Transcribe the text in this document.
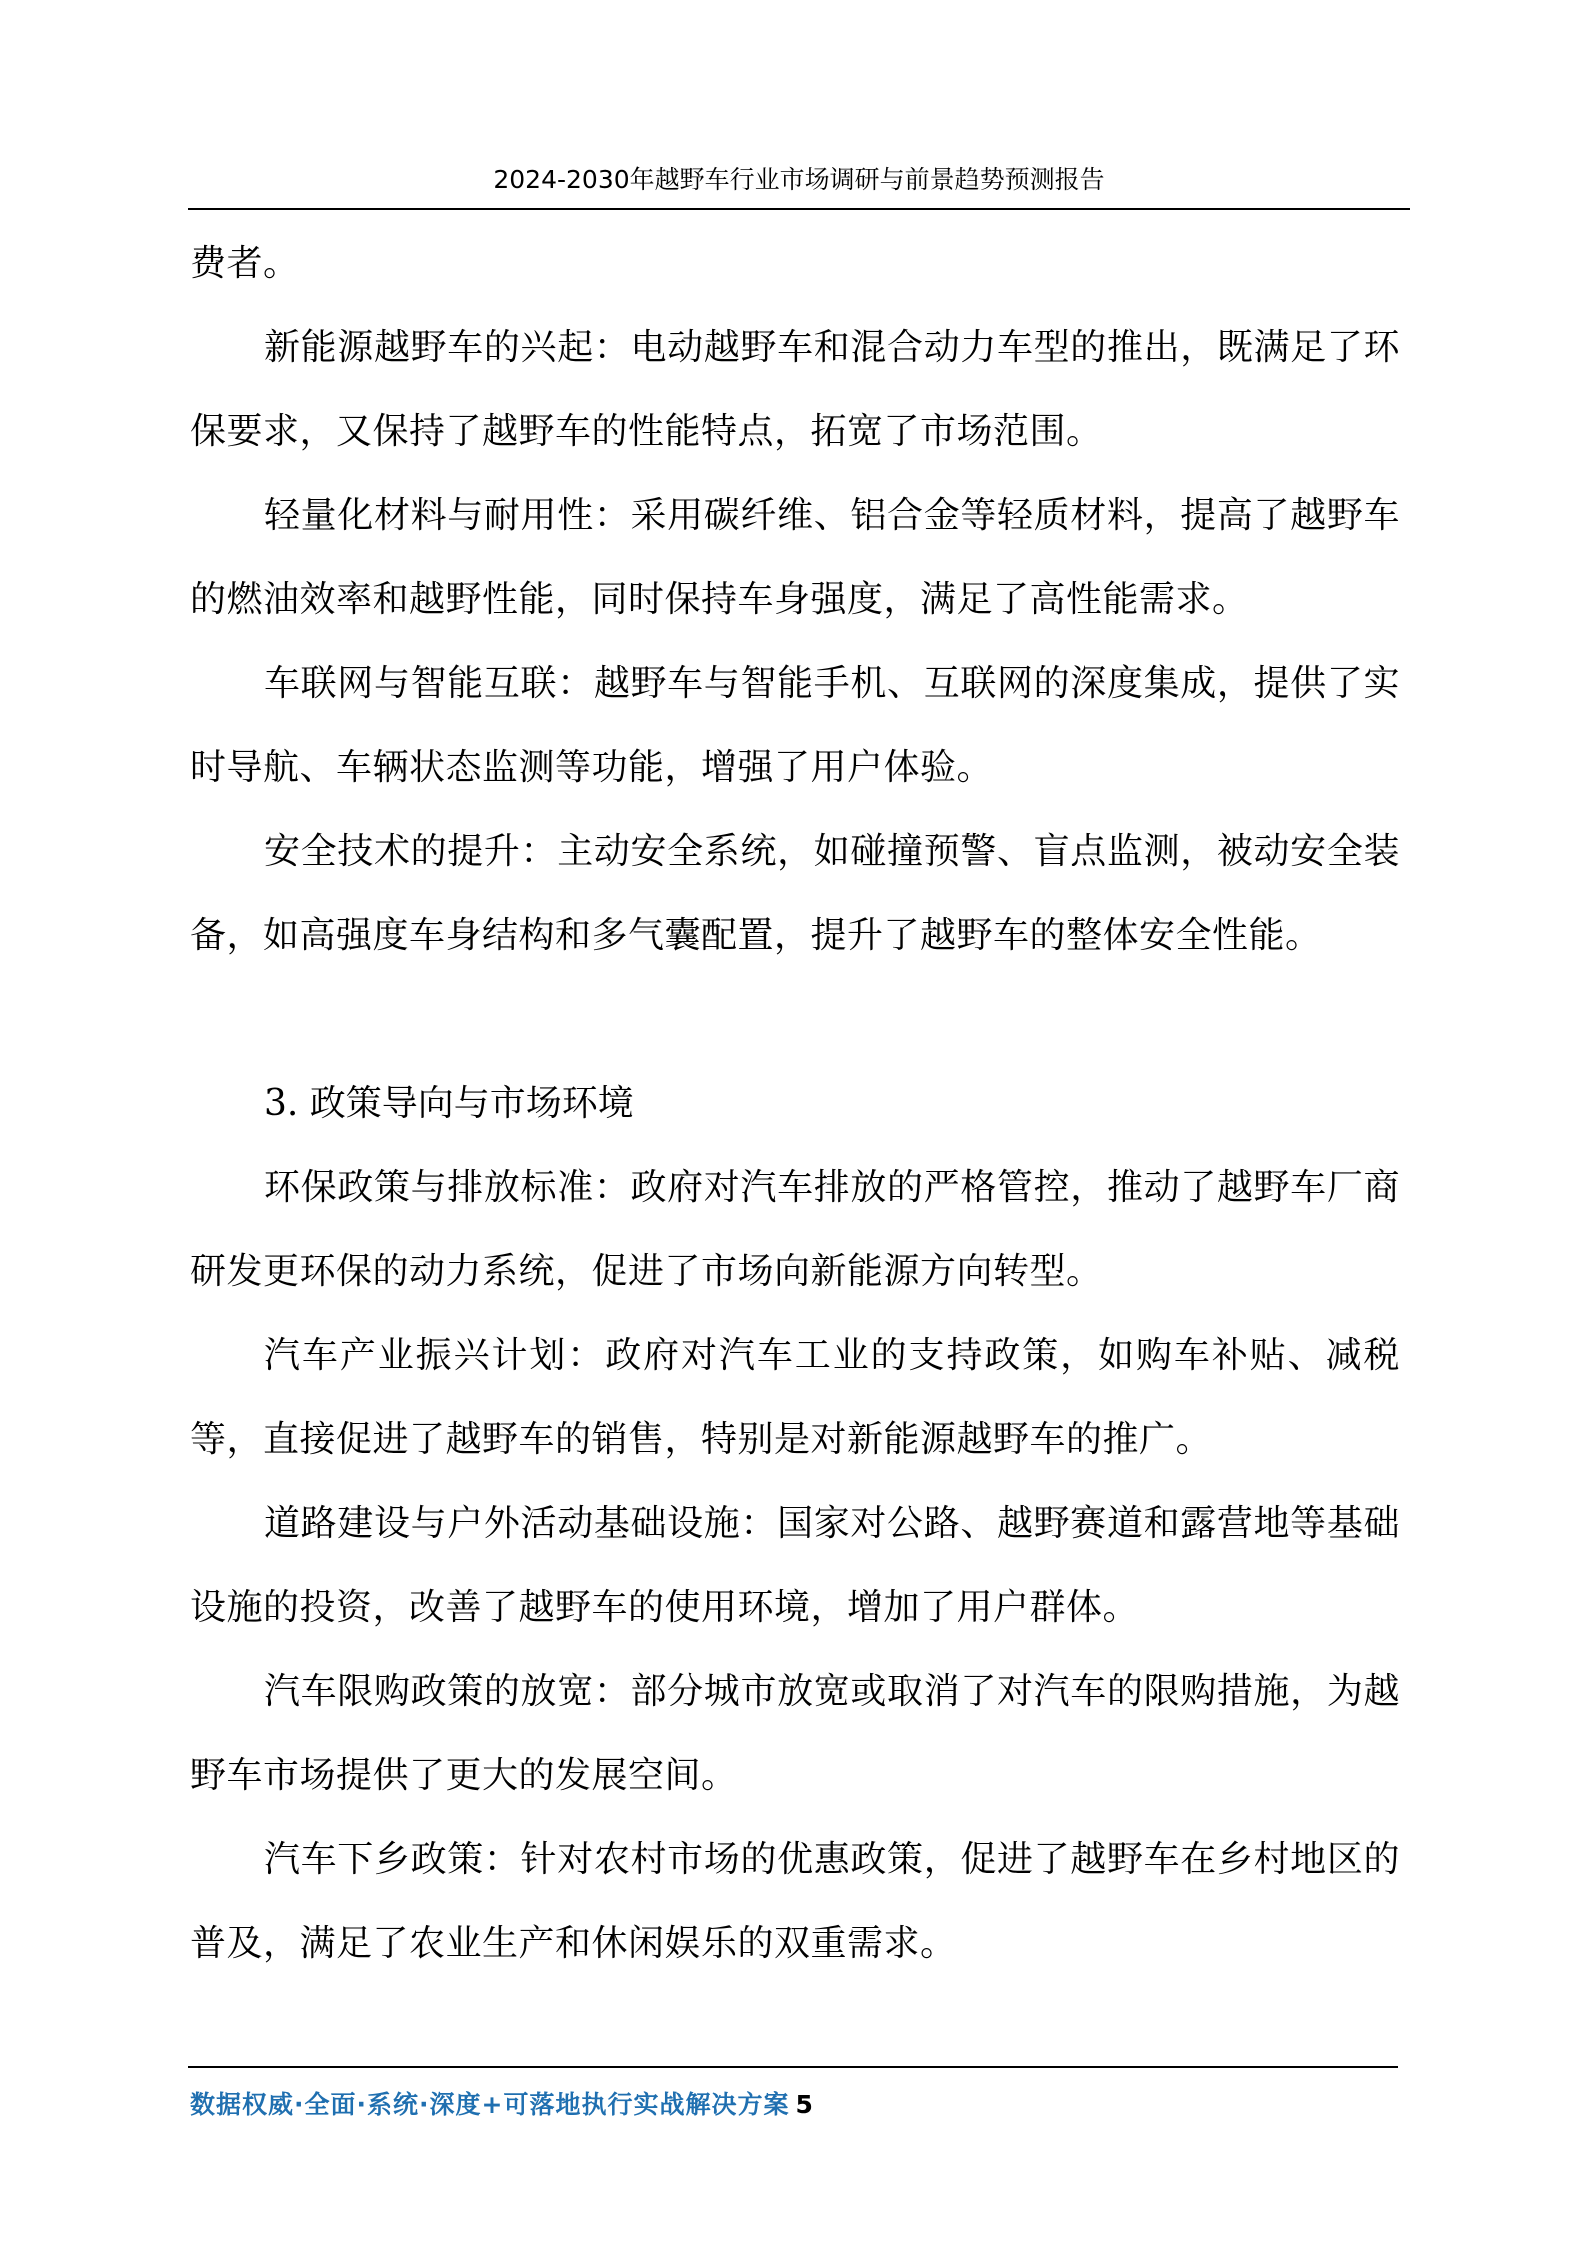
2024-2030年越野车行业市场调研与前景趋势预测报告

费者。

新能源越野车的兴起：电动越野车和混合动力车型的推出，既满足了环保要求，又保持了越野车的性能特点，拓宽了市场范围。

轻量化材料与耐用性：采用碳纤维、铝合金等轻质材料，提高了越野车的燃油效率和越野性能，同时保持车身强度，满足了高性能需求。

车联网与智能互联：越野车与智能手机、互联网的深度集成，提供了实时导航、车辆状态监测等功能，增强了用户体验。

安全技术的提升：主动安全系统，如碰撞预警、盲点监测，被动安全装备，如高强度车身结构和多气囊配置，提升了越野车的整体安全性能。

3. 政策导向与市场环境

环保政策与排放标准：政府对汽车排放的严格管控，推动了越野车厂商研发更环保的动力系统，促进了市场向新能源方向转型。

汽车产业振兴计划：政府对汽车工业的支持政策，如购车补贴、减税等，直接促进了越野车的销售，特别是对新能源越野车的推广。

道路建设与户外活动基础设施：国家对公路、越野赛道和露营地等基础设施的投资，改善了越野车的使用环境，增加了用户群体。

汽车限购政策的放宽：部分城市放宽或取消了对汽车的限购措施，为越野车市场提供了更大的发展空间。

汽车下乡政策：针对农村市场的优惠政策，促进了越野车在乡村地区的普及，满足了农业生产和休闲娱乐的双重需求。

数据权威·全面·系统·深度+可落地执行实战解决方案 5
